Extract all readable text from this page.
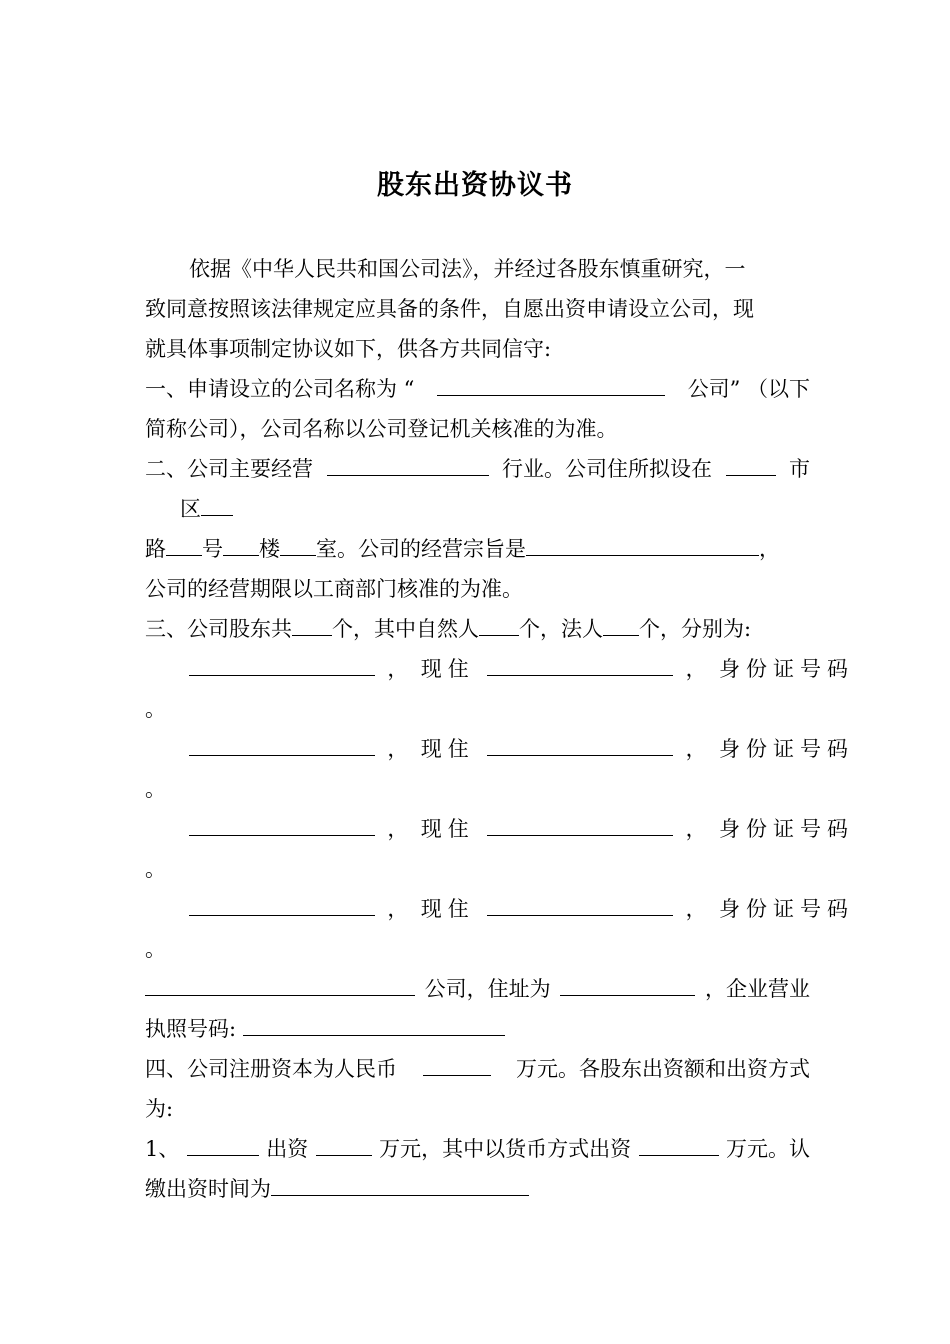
股东出资协议书
依据《中华人民共和国公司法》，并经过各股东慎重研究，一
致同意按照该法律规定应具备的条件，自愿出资申请设立公司，现
就具体事项制定协议如下，供各方共同信守:
一、申请设立的公司名称为 “	公司” （以下
简称公司），公司名称以公司登记机关核准的为准。
二、公司主要经营	行业。公司住所拟设在	市
区
路 号 楼 室。公司的经营宗旨是	，
公司的经营期限以工商部门核准的为准。
三、公司股东共 个，其中自然人 个，法人 个，分别为:
， 现住	， 身份证号码
。
， 现住	， 身份证号码
。
， 现住	， 身份证号码
。
， 现住	， 身份证号码
。
公司，住址为	，企业营业
执照号码:
四、公司注册资本为人民币	万元。各股东出资额和出资方式
为:
1、	出资	万元，其中以货币方式出资	万元。认
缴出资时间为
